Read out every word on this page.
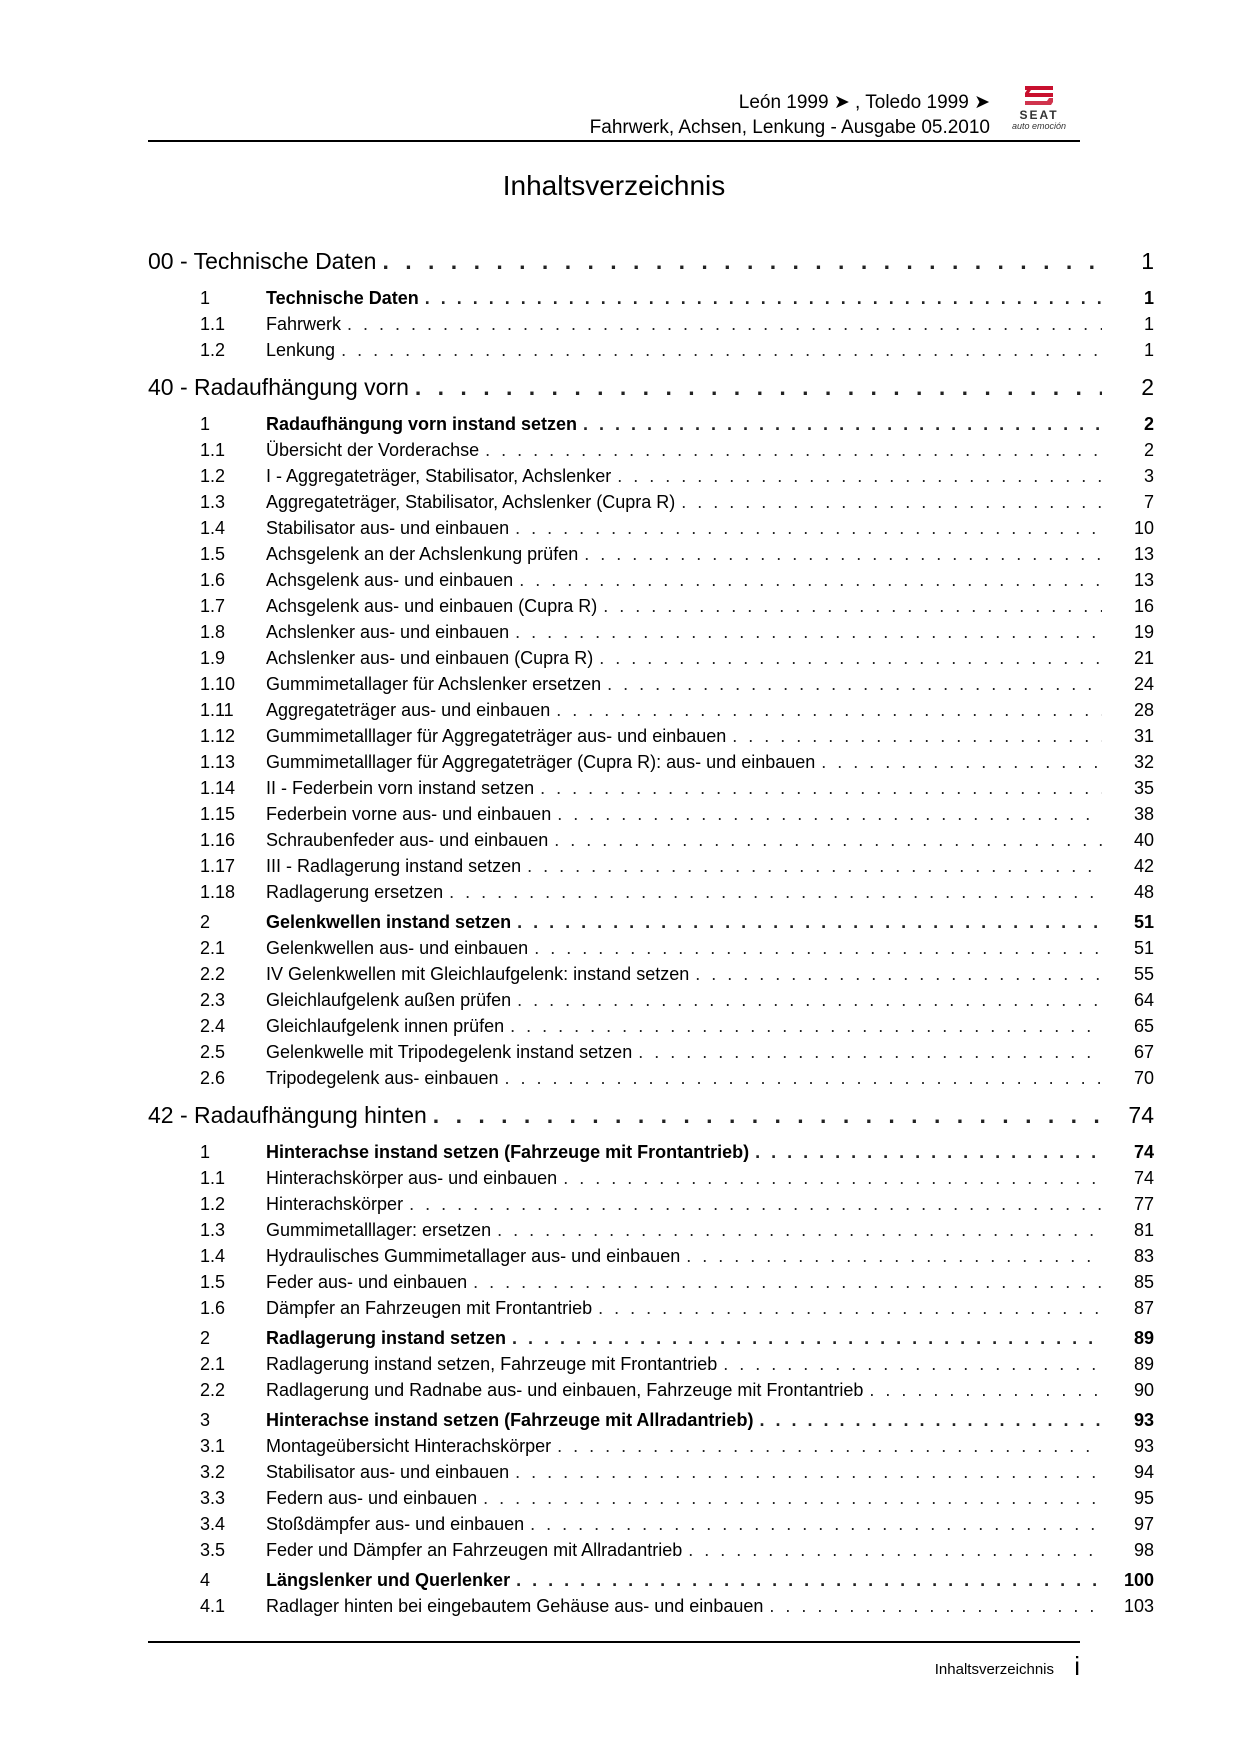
León 1999 ➤ , Toledo 1999 ➤
Fahrwerk, Achsen, Lenkung - Ausgabe 05.2010
SEAT
auto emoción
Inhaltsverzeichnis
00 - Technische Daten . . .	1
1	Technische Daten . . .	1
1.1	Fahrwerk . . .	1
1.2	Lenkung . . .	1
40 - Radaufhängung vorn . . .	2
1	Radaufhängung vorn instand setzen . . .	2
1.1	Übersicht der Vorderachse . . .	2
1.2	I - Aggregateträger, Stabilisator, Achslenker . . .	3
1.3	Aggregateträger, Stabilisator, Achslenker (Cupra R) . . .	7
1.4	Stabilisator aus- und einbauen . . .	10
1.5	Achsgelenk an der Achslenkung prüfen . . .	13
1.6	Achsgelenk aus- und einbauen . . .	13
1.7	Achsgelenk aus- und einbauen (Cupra R) . . .	16
1.8	Achslenker aus- und einbauen . . .	19
1.9	Achslenker aus- und einbauen (Cupra R) . . .	21
1.10	Gummimetallager für Achslenker ersetzen . . .	24
1.11	Aggregateträger aus- und einbauen . . .	28
1.12	Gummimetalllager für Aggregateträger aus- und einbauen . . .	31
1.13	Gummimetalllager für Aggregateträger (Cupra R): aus- und einbauen . . .	32
1.14	II - Federbein vorn instand setzen . . .	35
1.15	Federbein vorne aus- und einbauen . . .	38
1.16	Schraubenfeder aus- und einbauen . . .	40
1.17	III - Radlagerung instand setzen . . .	42
1.18	Radlagerung ersetzen . . .	48
2	Gelenkwellen instand setzen . . .	51
2.1	Gelenkwellen aus- und einbauen . . .	51
2.2	IV Gelenkwellen mit Gleichlaufgelenk: instand setzen . . .	55
2.3	Gleichlaufgelenk außen prüfen . . .	64
2.4	Gleichlaufgelenk innen prüfen . . .	65
2.5	Gelenkwelle mit Tripodegelenk instand setzen . . .	67
2.6	Tripodegelenk aus- einbauen . . .	70
42 - Radaufhängung hinten . . .	74
1	Hinterachse instand setzen (Fahrzeuge mit Frontantrieb) . . .	74
1.1	Hinterachskörper aus- und einbauen . . .	74
1.2	Hinterachskörper . . .	77
1.3	Gummimetalllager: ersetzen . . .	81
1.4	Hydraulisches Gummimetallager aus- und einbauen . . .	83
1.5	Feder aus- und einbauen . . .	85
1.6	Dämpfer an Fahrzeugen mit Frontantrieb . . .	87
2	Radlagerung instand setzen . . .	89
2.1	Radlagerung instand setzen, Fahrzeuge mit Frontantrieb . . .	89
2.2	Radlagerung und Radnabe aus- und einbauen, Fahrzeuge mit Frontantrieb . . .	90
3	Hinterachse instand setzen (Fahrzeuge mit Allradantrieb) . . .	93
3.1	Montageübersicht Hinterachskörper . . .	93
3.2	Stabilisator aus- und einbauen . . .	94
3.3	Federn aus- und einbauen . . .	95
3.4	Stoßdämpfer aus- und einbauen . . .	97
3.5	Feder und Dämpfer an Fahrzeugen mit Allradantrieb . . .	98
4	Längslenker und Querlenker . . .	100
4.1	Radlager hinten bei eingebautem Gehäuse aus- und einbauen . . .	103
Inhaltsverzeichnis i
